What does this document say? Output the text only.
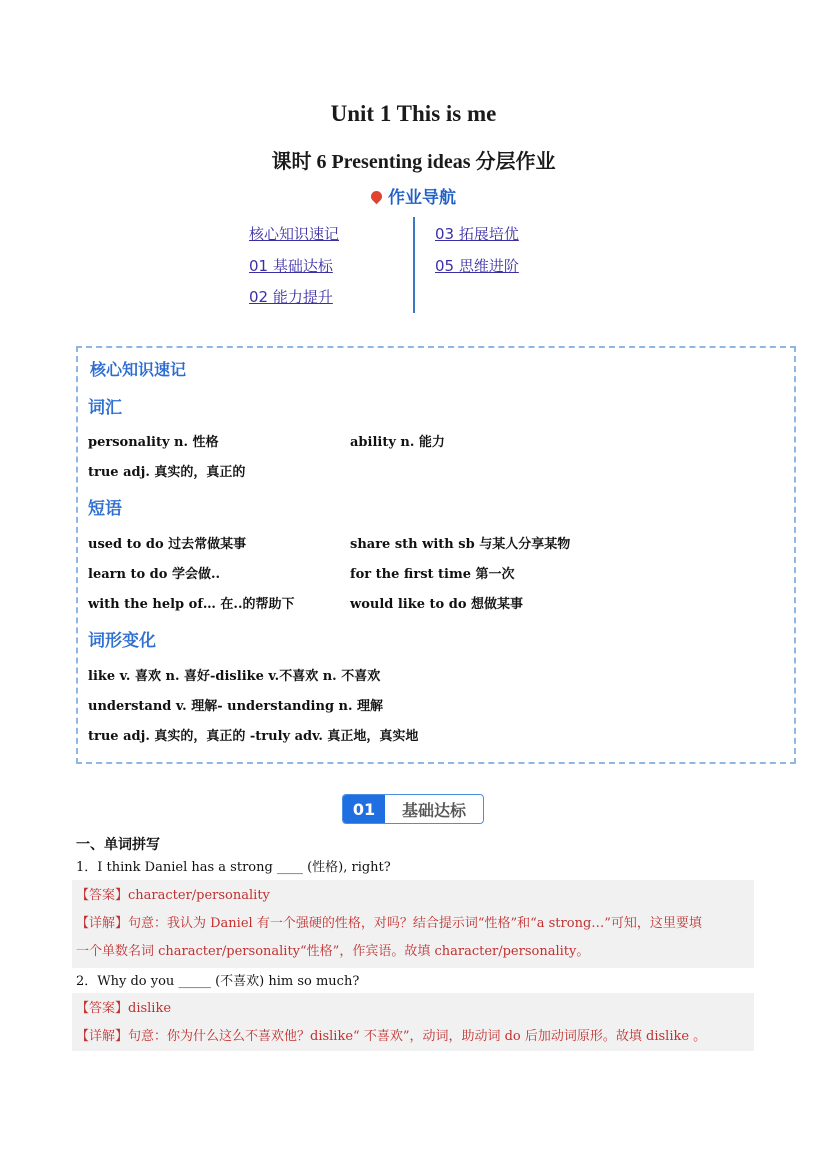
Unit 1 This is me
课时 6 Presenting ideas 分层作业
作业导航
核心知识速记
01 基础达标
02 能力提升
03 拓展培优
05 思维进阶
核心知识速记
词汇
personality n. 性格	ability n. 能力
true adj. 真实的，真正的
短语
used to do 过去常做某事	share sth with sb 与某人分享某物
learn to do 学会做..	for the first time 第一次
with the help of… 在..的帮助下	would like to do 想做某事
词形变化
like v. 喜欢 n. 喜好-dislike v.不喜欢 n. 不喜欢
understand v. 理解- understanding n. 理解
true adj. 真实的，真正的 -truly adv. 真正地，真实地
01	基础达标
一、单词拼写
1．I think Daniel has a strong ____ (性格), right?
【答案】character/personality
【详解】句意：我认为 Daniel 有一个强硬的性格，对吗？结合提示词“性格”和“a strong…”可知，这里要填
一个单数名词 character/personality“性格”，作宾语。故填 character/personality。
2．Why do you _____ (不喜欢) him so much?
【答案】dislike
【详解】句意：你为什么这么不喜欢他？dislike“ 不喜欢”，动词，助动词 do 后加动词原形。故填 dislike 。
